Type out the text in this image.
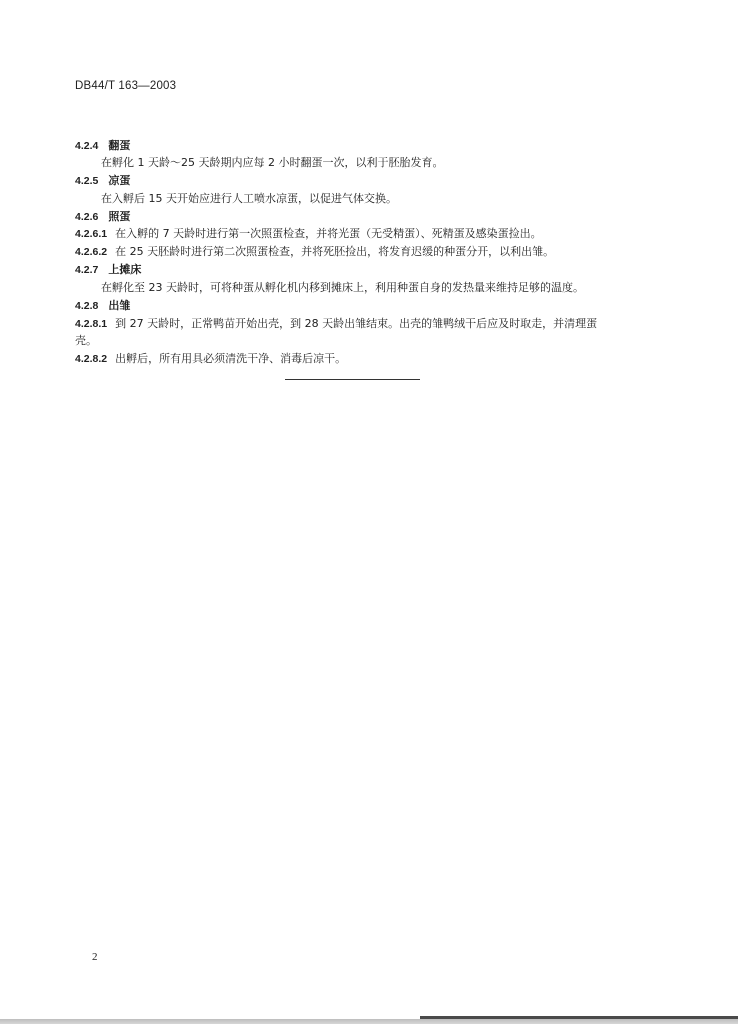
DB44/T 163—2003
4.2.4 翻蛋
在孵化 1 天龄～25 天龄期内应每 2 小时翻蛋一次，以利于胚胎发育。
4.2.5 凉蛋
在入孵后 15 天开始应进行人工喷水凉蛋，以促进气体交换。
4.2.6 照蛋
4.2.6.1 在入孵的 7 天龄时进行第一次照蛋检查，并将光蛋（无受精蛋）、死精蛋及感染蛋捡出。
4.2.6.2 在 25 天胚龄时进行第二次照蛋检查，并将死胚捡出，将发育迟缓的种蛋分开，以利出雏。
4.2.7 上摊床
在孵化至 23 天龄时，可将种蛋从孵化机内移到摊床上，利用种蛋自身的发热量来维持足够的温度。
4.2.8 出雏
4.2.8.1 到 27 天龄时，正常鸭苗开始出壳，到 28 天龄出雏结束。出壳的雏鸭绒干后应及时取走，并清理蛋
壳。
4.2.8.2 出孵后，所有用具必须清洗干净、消毒后凉干。
2
